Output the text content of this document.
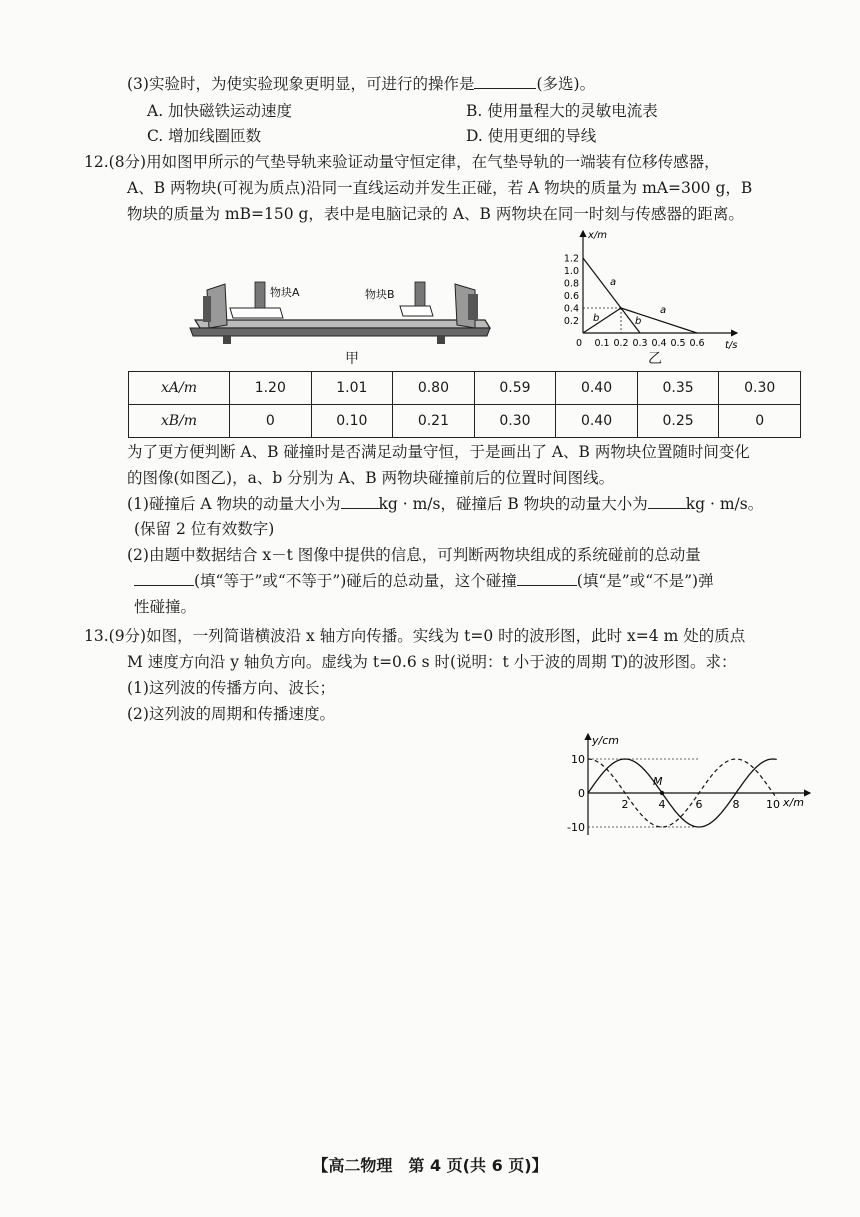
(3)实验时，为使实验现象更明显，可进行的操作是	(多选)。
A. 加快磁铁运动速度	B. 使用量程大的灵敏电流表
C. 增加线圈匝数	D. 使用更细的导线
12.(8分)用如图甲所示的气垫导轨来验证动量守恒定律，在气垫导轨的一端装有位移传感器，
A、B 两物块(可视为质点)沿同一直线运动并发生正碰，若 A 物块的质量为 mA=300 g，B
物块的质量为 mB=150 g，表中是电脑记录的 A、B 两物块在同一时刻与传感器的距离。
物块A	物块B
甲
x/m
t/s
1.2
1.0
0.8
0.6
0.4
0.2
0 0.1 0.2 0.3 0.4 0.5 0.6
a
a
b	b
乙
xA/m	1.20	1.01	0.80	0.59	0.40	0.35	0.30
xB/m	0	0.10	0.21	0.30	0.40	0.25	0
为了更方便判断 A、B 碰撞时是否满足动量守恒，于是画出了 A、B 两物块位置随时间变化
的图像(如图乙)，a、b 分别为 A、B 两物块碰撞前后的位置时间图线。
(1)碰撞后 A 物块的动量大小为 kg · m/s，碰撞后 B 物块的动量大小为 kg · m/s。
(保留 2 位有效数字)
(2)由题中数据结合 x－t 图像中提供的信息，可判断两物块组成的系统碰前的总动量
(填“等于”或“不等于”)碰后的总动量，这个碰撞	(填“是”或“不是”)弹
性碰撞。
13.(9分)如图，一列简谐横波沿 x 轴方向传播。实线为 t=0 时的波形图，此时 x=4 m 处的质点
M 速度方向沿 y 轴负方向。虚线为 t=0.6 s 时(说明：t 小于波的周期 T)的波形图。求：
(1)这列波的传播方向、波长；
(2)这列波的周期和传播速度。
y/cm
x/m
10
0
-10
2	4	6	8 10
M
【高二物理　第 4 页(共 6 页)】
